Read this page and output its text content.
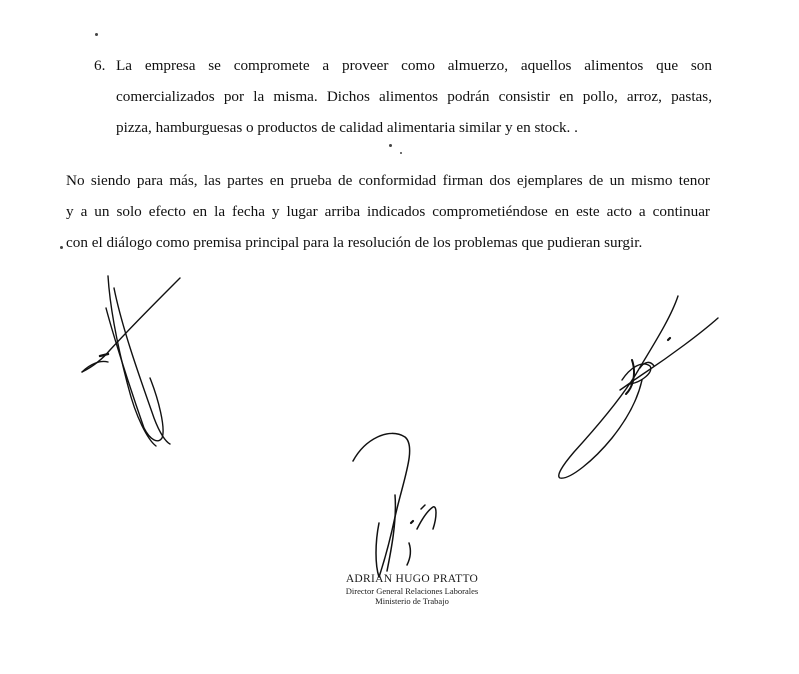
6. La empresa se compromete a proveer como almuerzo, aquellos alimentos que son
comercializados por la misma. Dichos alimentos podrán consistir en pollo, arroz, pastas,
pizza, hamburguesas o productos de calidad alimentaria similar y en stock. .
No siendo para más, las partes en prueba de conformidad firman dos ejemplares de un mismo tenor
y a un solo efecto en la fecha y lugar arriba indicados comprometiéndose en este acto a continuar
con el diálogo como premisa principal para la resolución de los problemas que pudieran surgir.
ADRIAN HUGO PRATTO
Director General Relaciones Laborales
Ministerio de Trabajo
